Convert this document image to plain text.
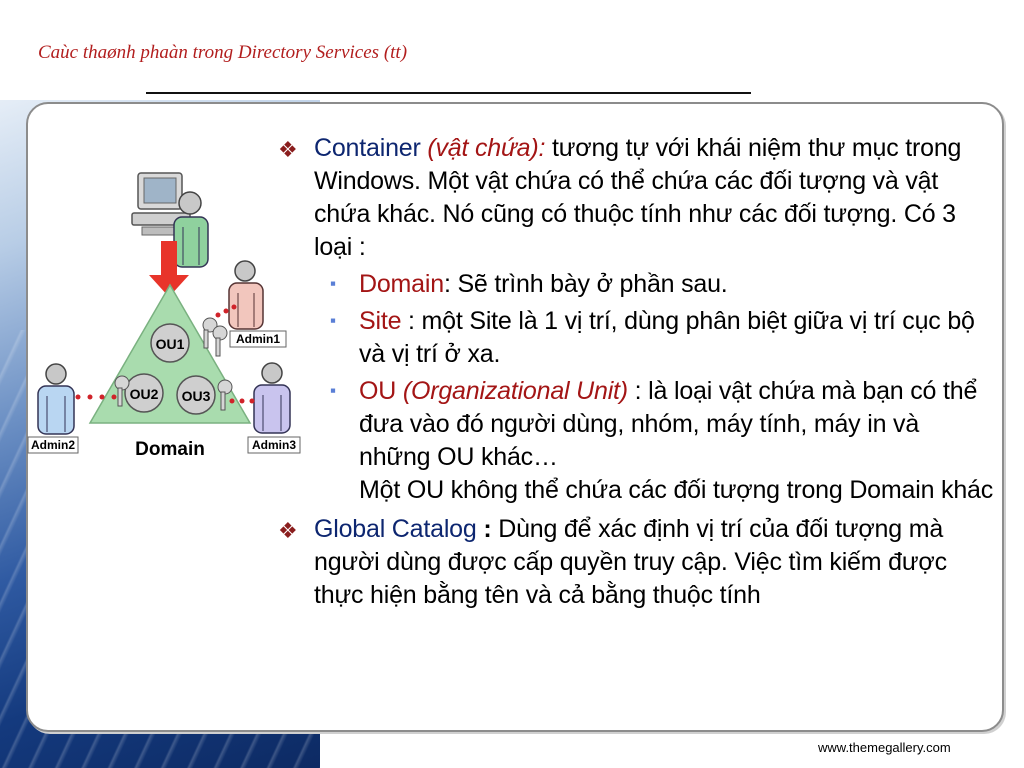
Caùc thaønh phaàn trong Directory Services (tt)
OU1
OU2 OU3
Admin1
Admin2	Admin3
Domain

❖ Container (vật chứa): tương tự với khái niệm thư mục trong Windows. Một vật chứa có thể chứa các đối tượng và vật chứa khác. Nó cũng có thuộc tính như các đối tượng. Có 3 loại :

▪ Domain: Sẽ trình bày ở phần sau.

▪ Site : một Site là 1 vị trí, dùng phân biệt giữa vị trí cục bộ và vị trí ở xa.

▪ OU (Organizational Unit) : là loại vật chứa mà bạn có thể đưa vào đó người dùng, nhóm, máy tính, máy in và những OU khác…
Một OU không thể chứa các đối tượng trong Domain khác

❖ Global Catalog : Dùng để xác định vị trí của đối tượng mà người dùng được cấp quyền truy cập. Việc tìm kiếm được thực hiện bằng tên và cả bằng thuộc tính

www.themegallery.com
